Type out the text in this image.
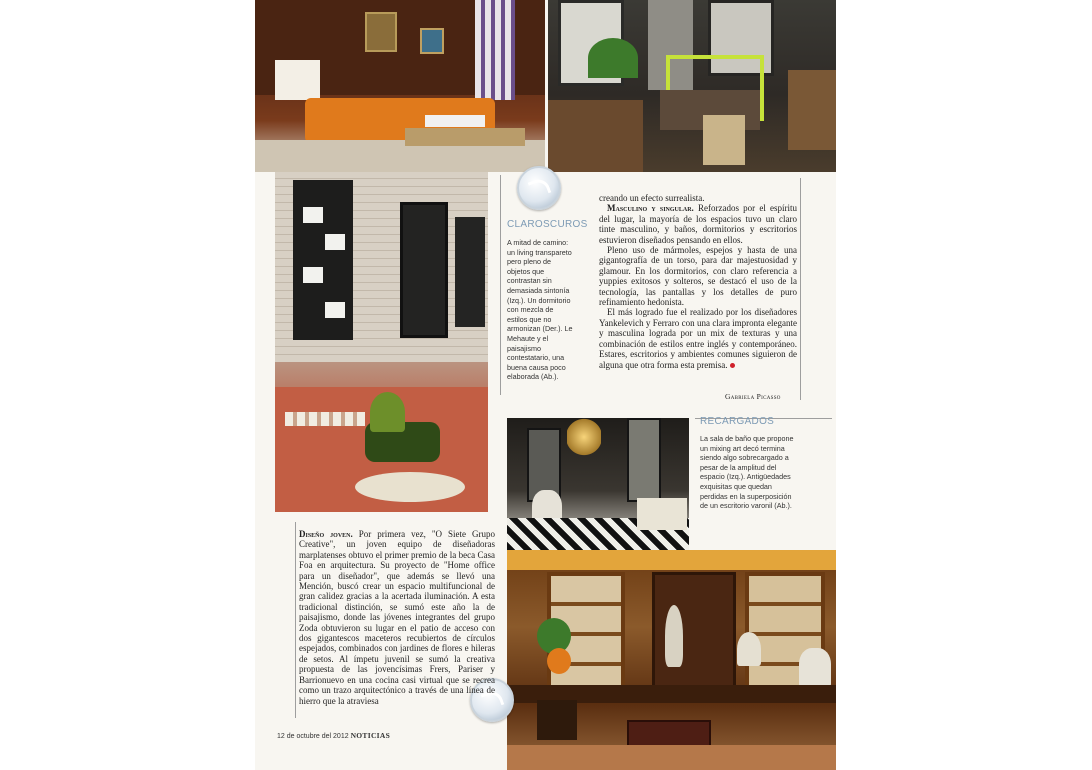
CLAROSCUROS
A mitad de camino: un living transpareto pero pleno de objetos que contrastan sin demasiada sintonía (Izq.). Un dormitorio con mezcla de estilos que no armonizan (Der.). Le Mehaute y el paisajismo contestatario, una buena causa poco elaborada (Ab.).
creando un efecto surrealista.
Masculino y singular. Reforzados por el espíritu del lugar, la mayoría de los espacios tuvo un claro tinte masculino, y baños, dormitorios y escritorios estuvieron diseñados pensando en ellos.
Pleno uso de mármoles, espejos y hasta de una gigantografía de un torso, para dar majestuosidad y glamour. En los dormitorios, con claro referencia a yuppies exitosos y solteros, se destacó el uso de la tecnología, las pantallas y los detalles de puro refinamiento hedonista.
El más logrado fue el realizado por los diseñadores Yankelevich y Ferraro con una clara impronta elegante y masculina lograda por un mix de texturas y una combinación de estilos entre inglés y contemporáneo. Estares, escritorios y ambientes comunes siguieron de alguna que otra forma esta premisa.
Gabriela Picasso
RECARGADOS
La sala de baño que propone un mixing art decó termina siendo algo sobrecargado a pesar de la amplitud del espacio (Izq.). Antigüedades exquisitas que quedan perdidas en la superposición de un escritorio varonil (Ab.).
Diseño joven. Por primera vez, "O Siete Grupo Creative", un joven equipo de diseñadoras marplatenses obtuvo el primer premio de la beca Casa Foa en arquitectura. Su proyecto de "Home office para un diseñador", que además se llevó una Mención, buscó crear un espacio multifuncional de gran calidez gracias a la acertada iluminación. A esta tradicional distinción, se sumó este año la de paisajismo, donde las jóvenes integrantes del grupo Zoda obtuvieron su lugar en el patio de acceso con dos gigantescos maceteros recubiertos de círculos espejados, combinados con jardines de flores e hileras de setos. Al ímpetu juvenil se sumó la creativa propuesta de las jovencísimas Frers, Pariser y Barrionuevo en una cocina casi virtual que se recrea como un trazo arquitectónico a través de una línea de hierro que la atraviesa
12 de octubre del 2012 NOTICIAS
